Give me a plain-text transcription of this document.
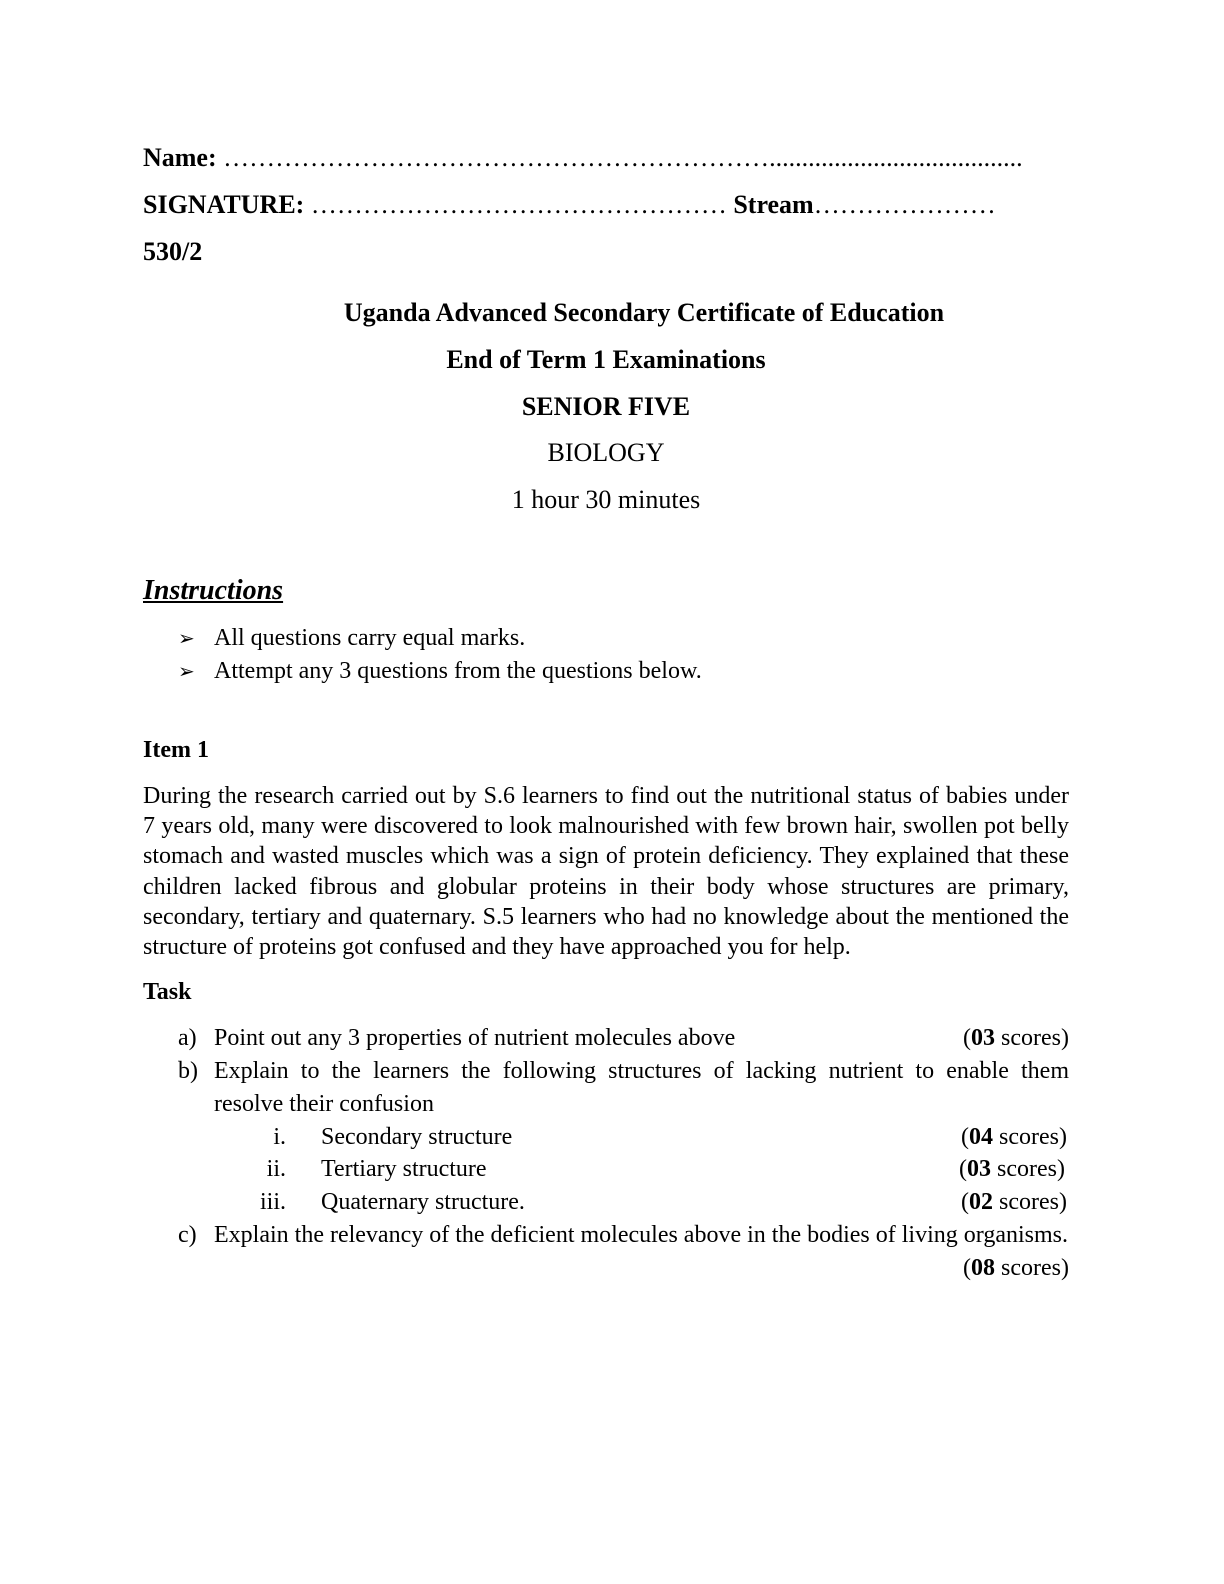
Name: ……………………………………………………….......................................
SIGNATURE: ………………………………………… Stream…………………
530/2
Uganda Advanced Secondary Certificate of Education
End of Term 1 Examinations
SENIOR FIVE
BIOLOGY
1 hour 30 minutes
Instructions
➢ All questions carry equal marks.
➢ Attempt any 3 questions from the questions below.
Item 1
During the research carried out by S.6 learners to find out the nutritional status of babies under 7 years old, many were discovered to look malnourished with few brown hair, swollen pot belly stomach and wasted muscles which was a sign of protein deficiency. They explained that these children lacked fibrous and globular proteins in their body whose structures are primary, secondary, tertiary and quaternary. S.5 learners who had no knowledge about the mentioned the structure of proteins got confused and they have approached you for help.
Task
a) Point out any 3 properties of nutrient molecules above	(03 scores)
b) Explain to the learners the following structures of lacking nutrient to enable them resolve their confusion
i. Secondary structure	(04 scores)
ii. Tertiary structure	(03 scores)
iii. Quaternary structure.	(02 scores)
c) Explain the relevancy of the deficient molecules above in the bodies of living organisms.
(08 scores)
